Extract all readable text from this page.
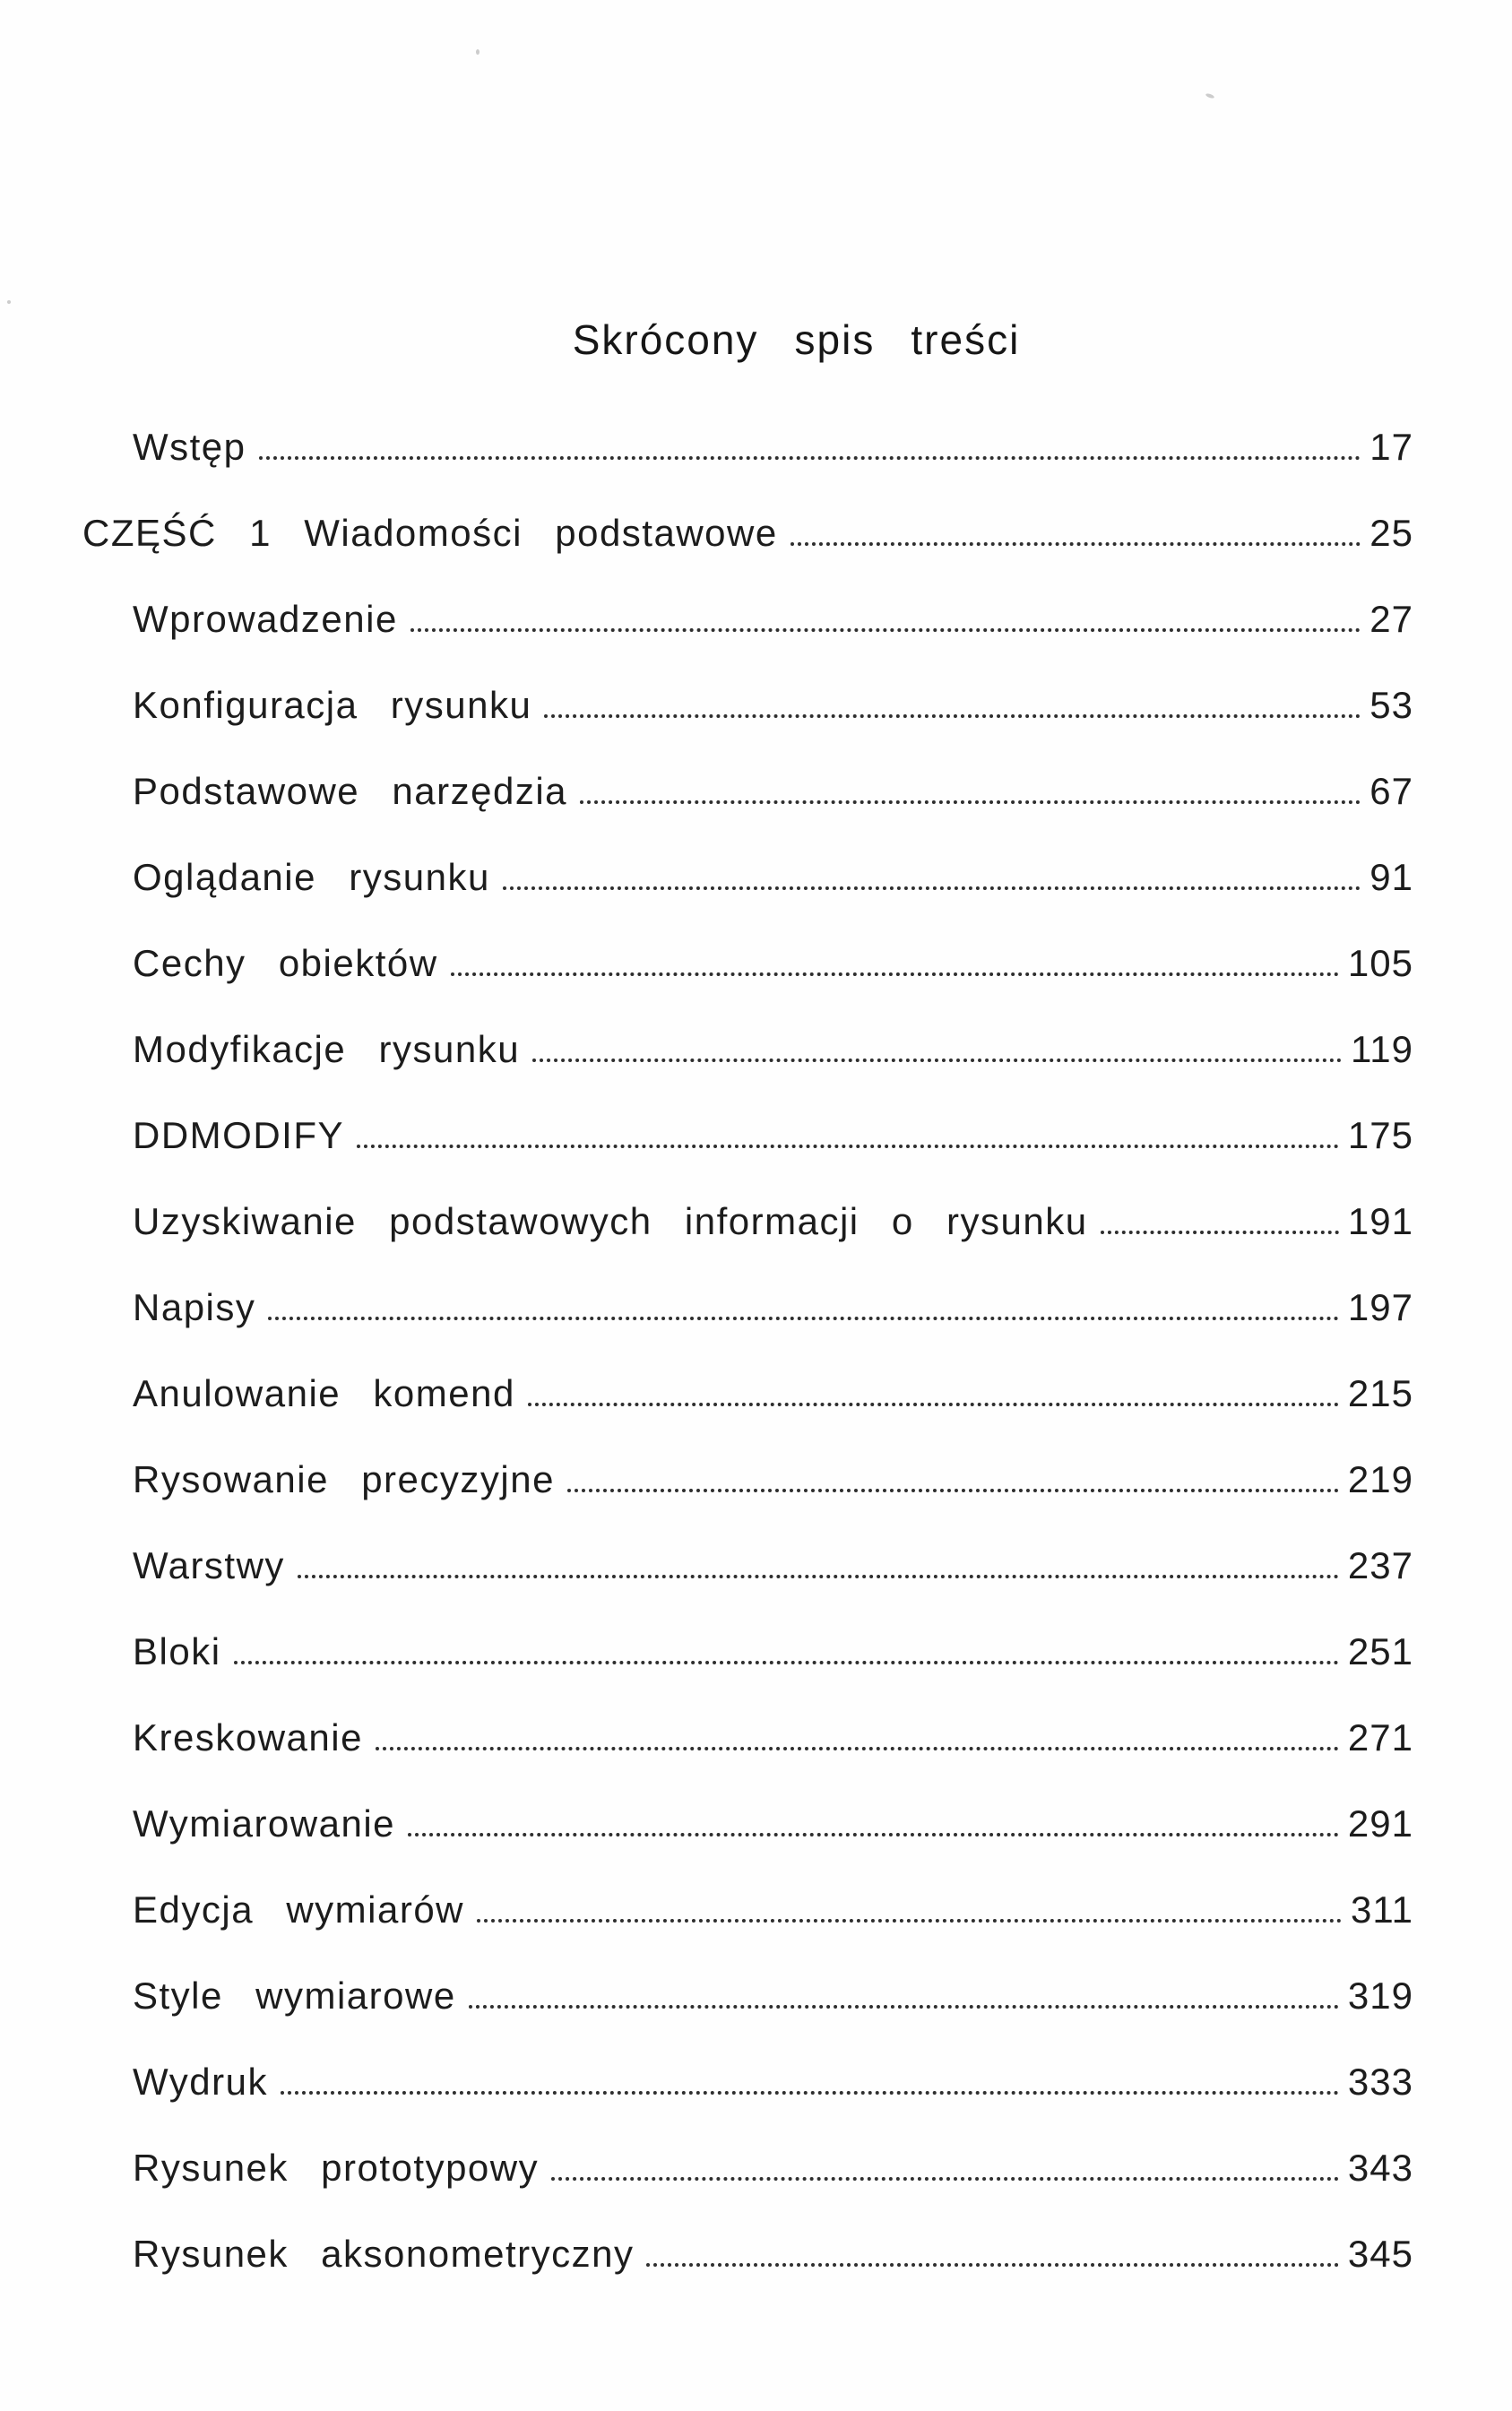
Skrócony spis treści
Wstęp	17
CZĘŚĆ 1 Wiadomości podstawowe	25
Wprowadzenie	27
Konfiguracja rysunku	53
Podstawowe narzędzia	67
Oglądanie rysunku	91
Cechy obiektów	105
Modyfikacje rysunku	119
DDMODIFY	175
Uzyskiwanie podstawowych informacji o rysunku	191
Napisy	197
Anulowanie komend	215
Rysowanie precyzyjne	219
Warstwy	237
Bloki	251
Kreskowanie	271
Wymiarowanie	291
Edycja wymiarów	311
Style wymiarowe	319
Wydruk	333
Rysunek prototypowy	343
Rysunek aksonometryczny	345
